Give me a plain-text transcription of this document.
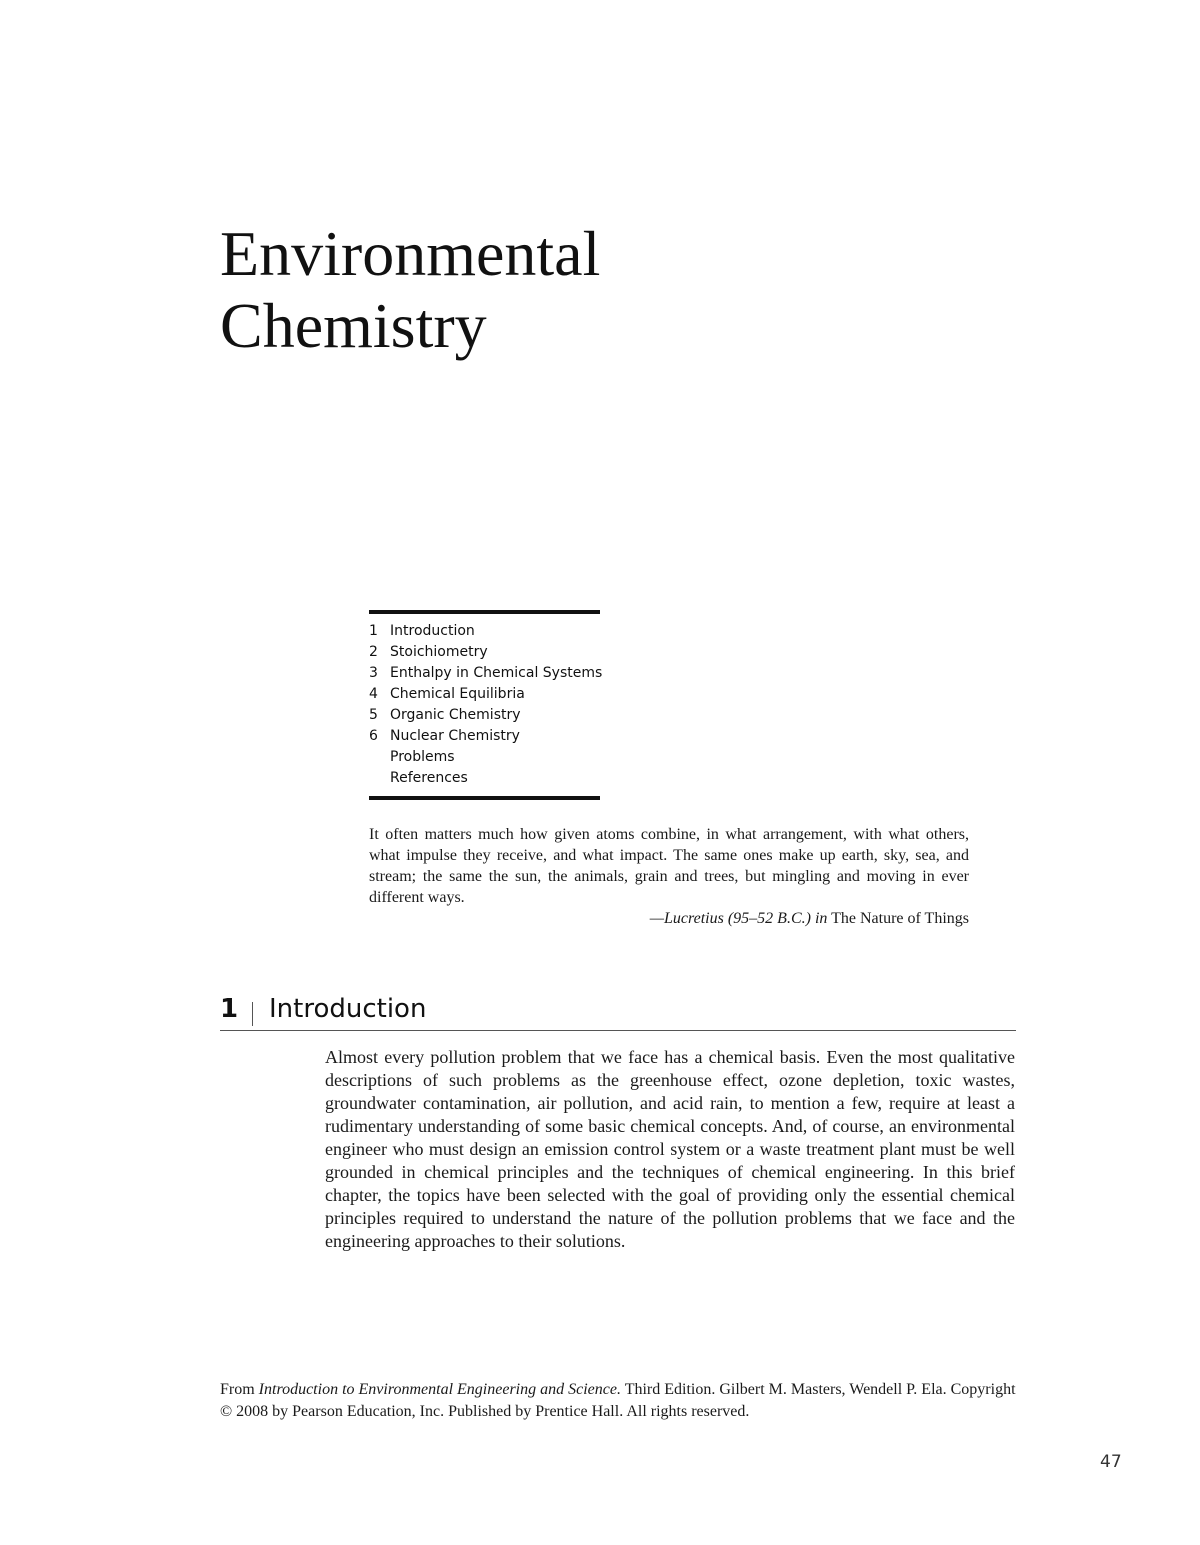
Environmental
Chemistry
1 Introduction
2 Stoichiometry
3 Enthalpy in Chemical Systems
4 Chemical Equilibria
5 Organic Chemistry
6 Nuclear Chemistry
Problems
References

It often matters much how given atoms combine, in what arrangement, with what others, what impulse they receive, and what impact. The same ones make up earth, sky, sea, and stream; the same the sun, the animals, grain and trees, but mingling and moving in ever different ways.

—Lucretius (95–52 B.C.) in The Nature of Things
1	Introduction

Almost every pollution problem that we face has a chemical basis. Even the most qualitative descriptions of such problems as the greenhouse effect, ozone depletion, toxic wastes, groundwater contamination, air pollution, and acid rain, to mention a few, require at least a rudimentary understanding of some basic chemical concepts. And, of course, an environmental engineer who must design an emission control system or a waste treatment plant must be well grounded in chemical principles and the techniques of chemical engineering. In this brief chapter, the topics have been selected with the goal of providing only the essential chemical principles required to understand the nature of the pollution problems that we face and the engineering approaches to their solutions.

From Introduction to Environmental Engineering and Science. Third Edition. Gilbert M. Masters, Wendell P. Ela. Copyright © 2008 by Pearson Education, Inc. Published by Prentice Hall. All rights reserved.

47
